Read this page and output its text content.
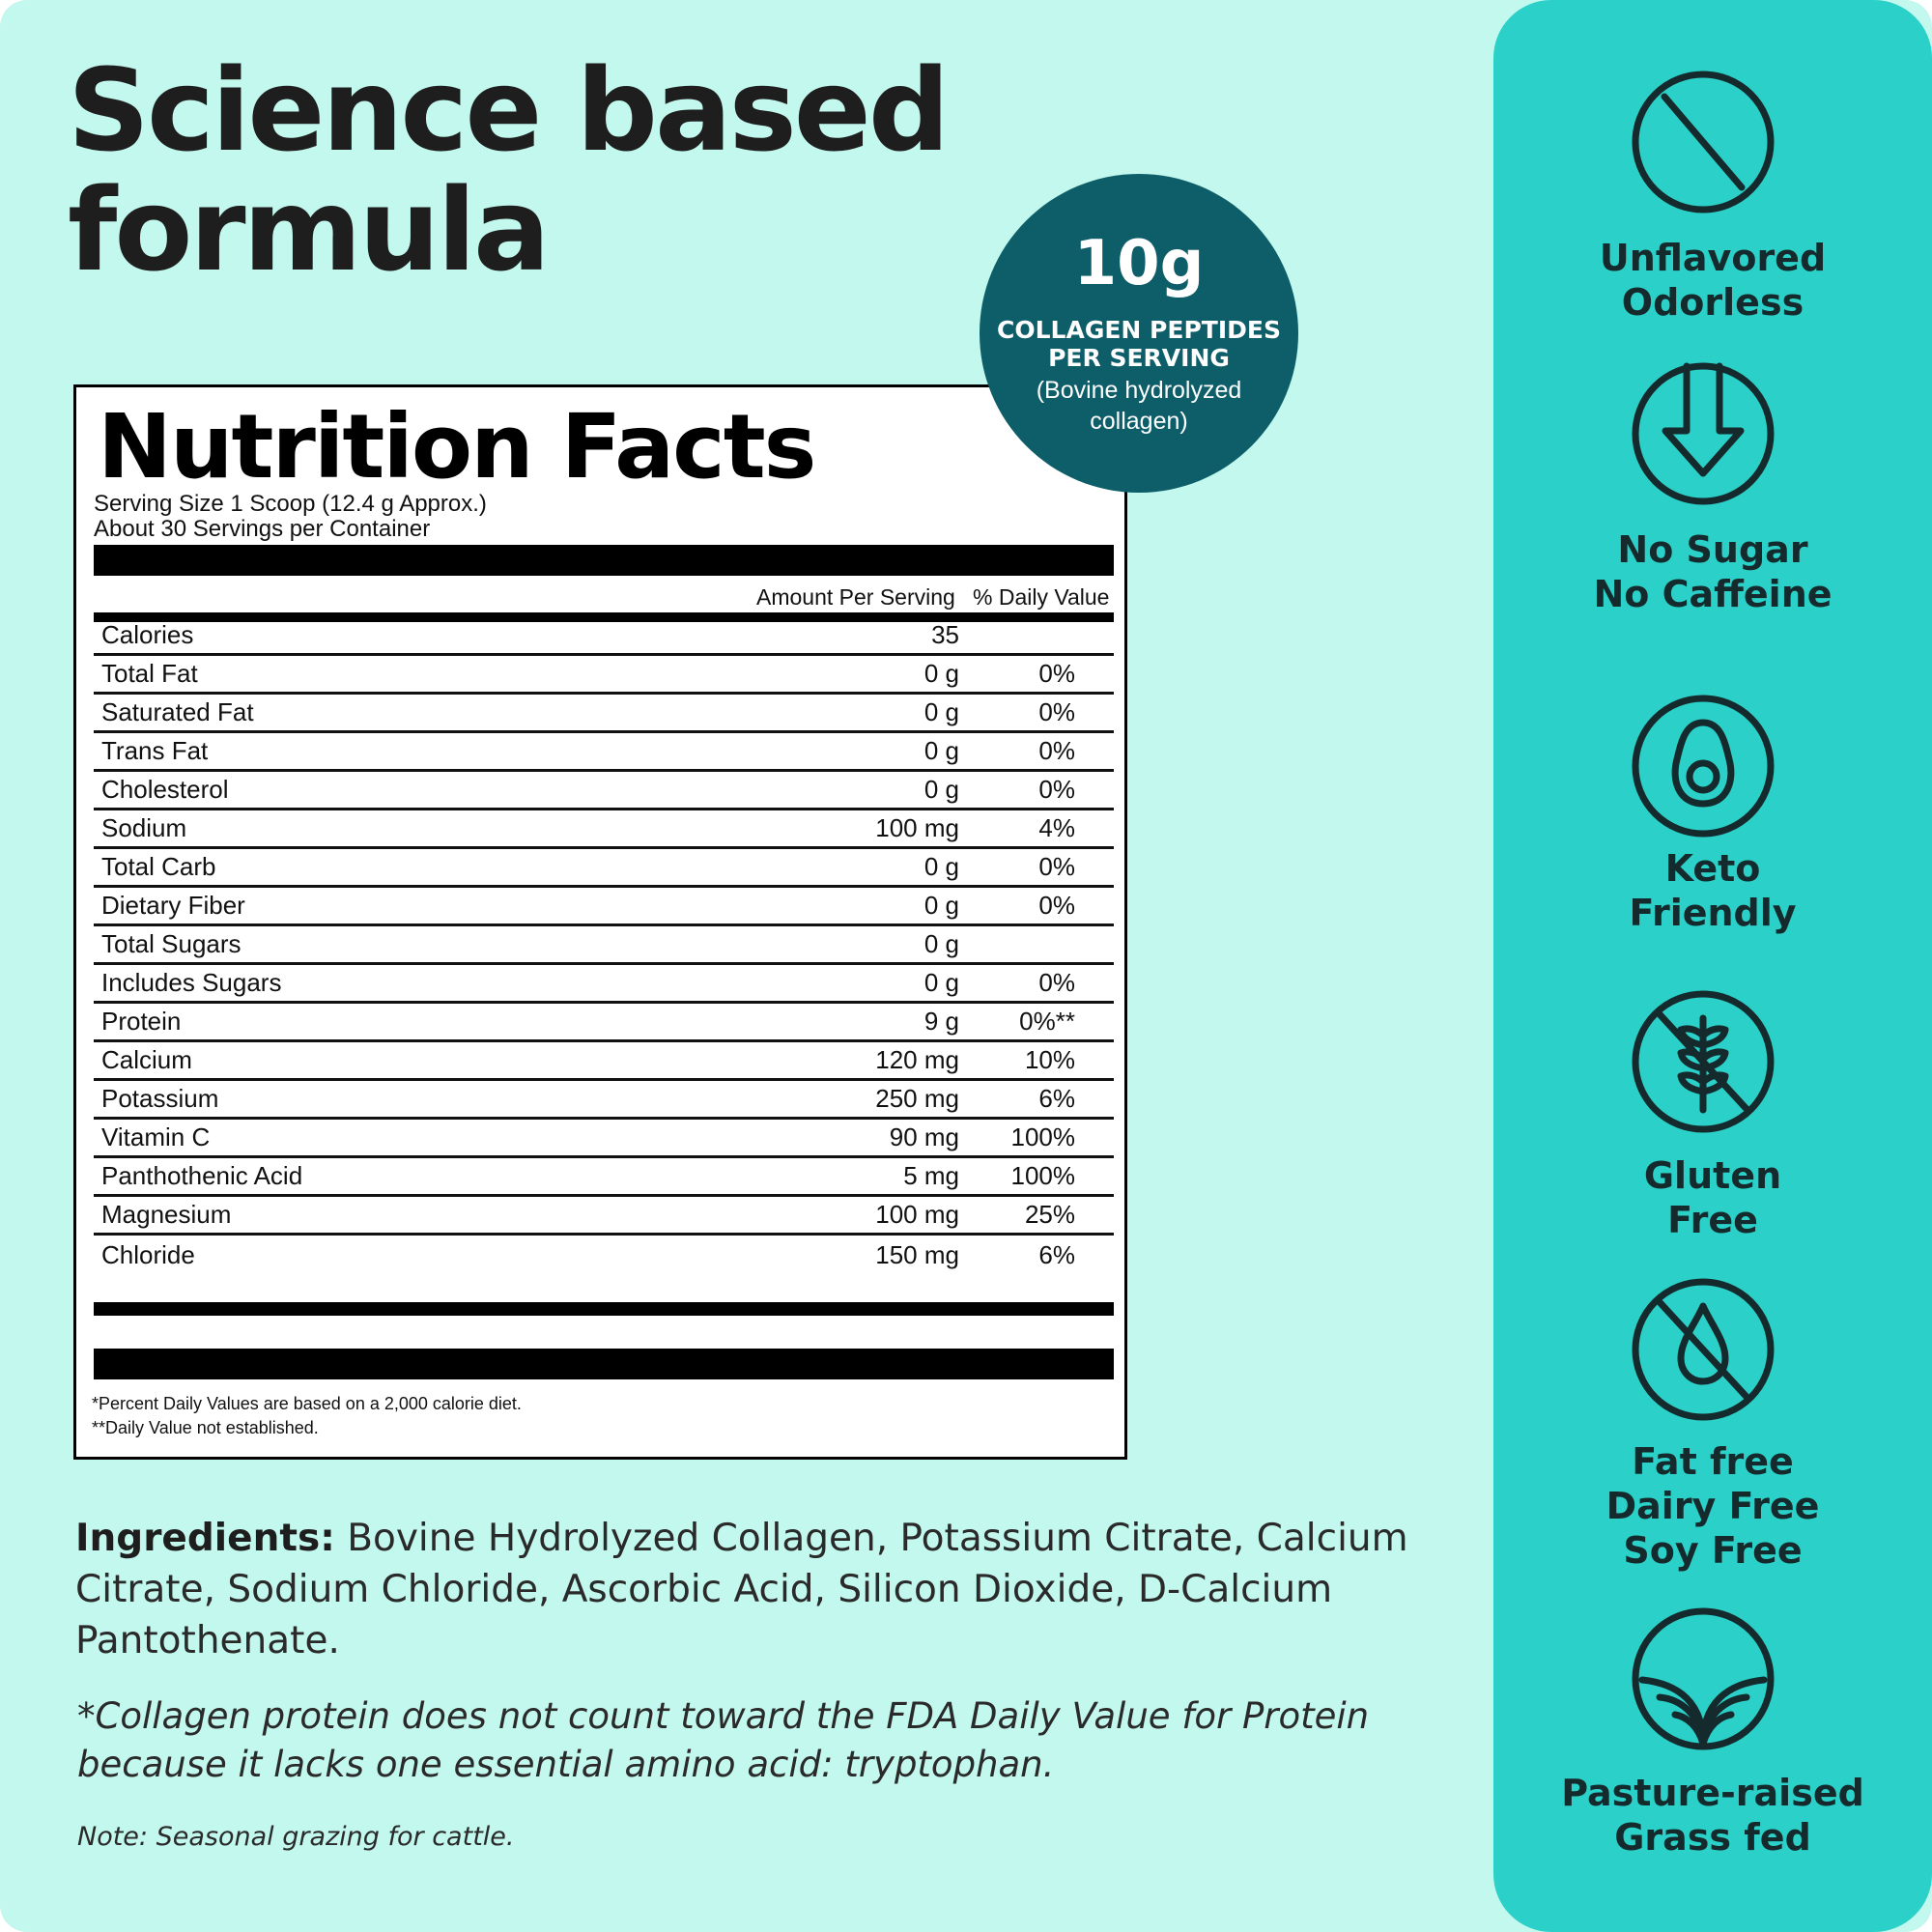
Science based
formula
Nutrition Facts
Serving Size 1 Scoop (12.4 g Approx.)
About 30 Servings per Container
Amount Per Serving % Daily Value
Calories	35
Total Fat	0 g	0%
Saturated Fat	0 g	0%
Trans Fat	0 g	0%
Cholesterol	0 g	0%
Sodium	100 mg	4%
Total Carb	0 g	0%
Dietary Fiber	0 g	0%
Total Sugars	0 g
Includes Sugars	0 g	0%
Protein	9 g	0%**
Calcium	120 mg	10%
Potassium	250 mg	6%
Vitamin C	90 mg	100%
Panthothenic Acid	5 mg	100%
Magnesium	100 mg	25%
Chloride	150 mg	6%
*Percent Daily Values are based on a 2,000 calorie diet.
**Daily Value not established.
10g
COLLAGEN PEPTIDES
PER SERVING
(Bovine hydrolyzed
collagen)

Ingredients: Bovine Hydrolyzed Collagen, Potassium Citrate, Calcium Citrate, Sodium Chloride, Ascorbic Acid, Silicon Dioxide, D-Calcium Pantothenate.

*Collagen protein does not count toward the FDA Daily Value for Protein because it lacks one essential amino acid: tryptophan.

Note: Seasonal grazing for cattle.

Unflavored
Odorless
No Sugar
No Caffeine
Keto
Friendly
Gluten
Free
Fat free
Dairy Free
Soy Free
Pasture-raised
Grass fed
